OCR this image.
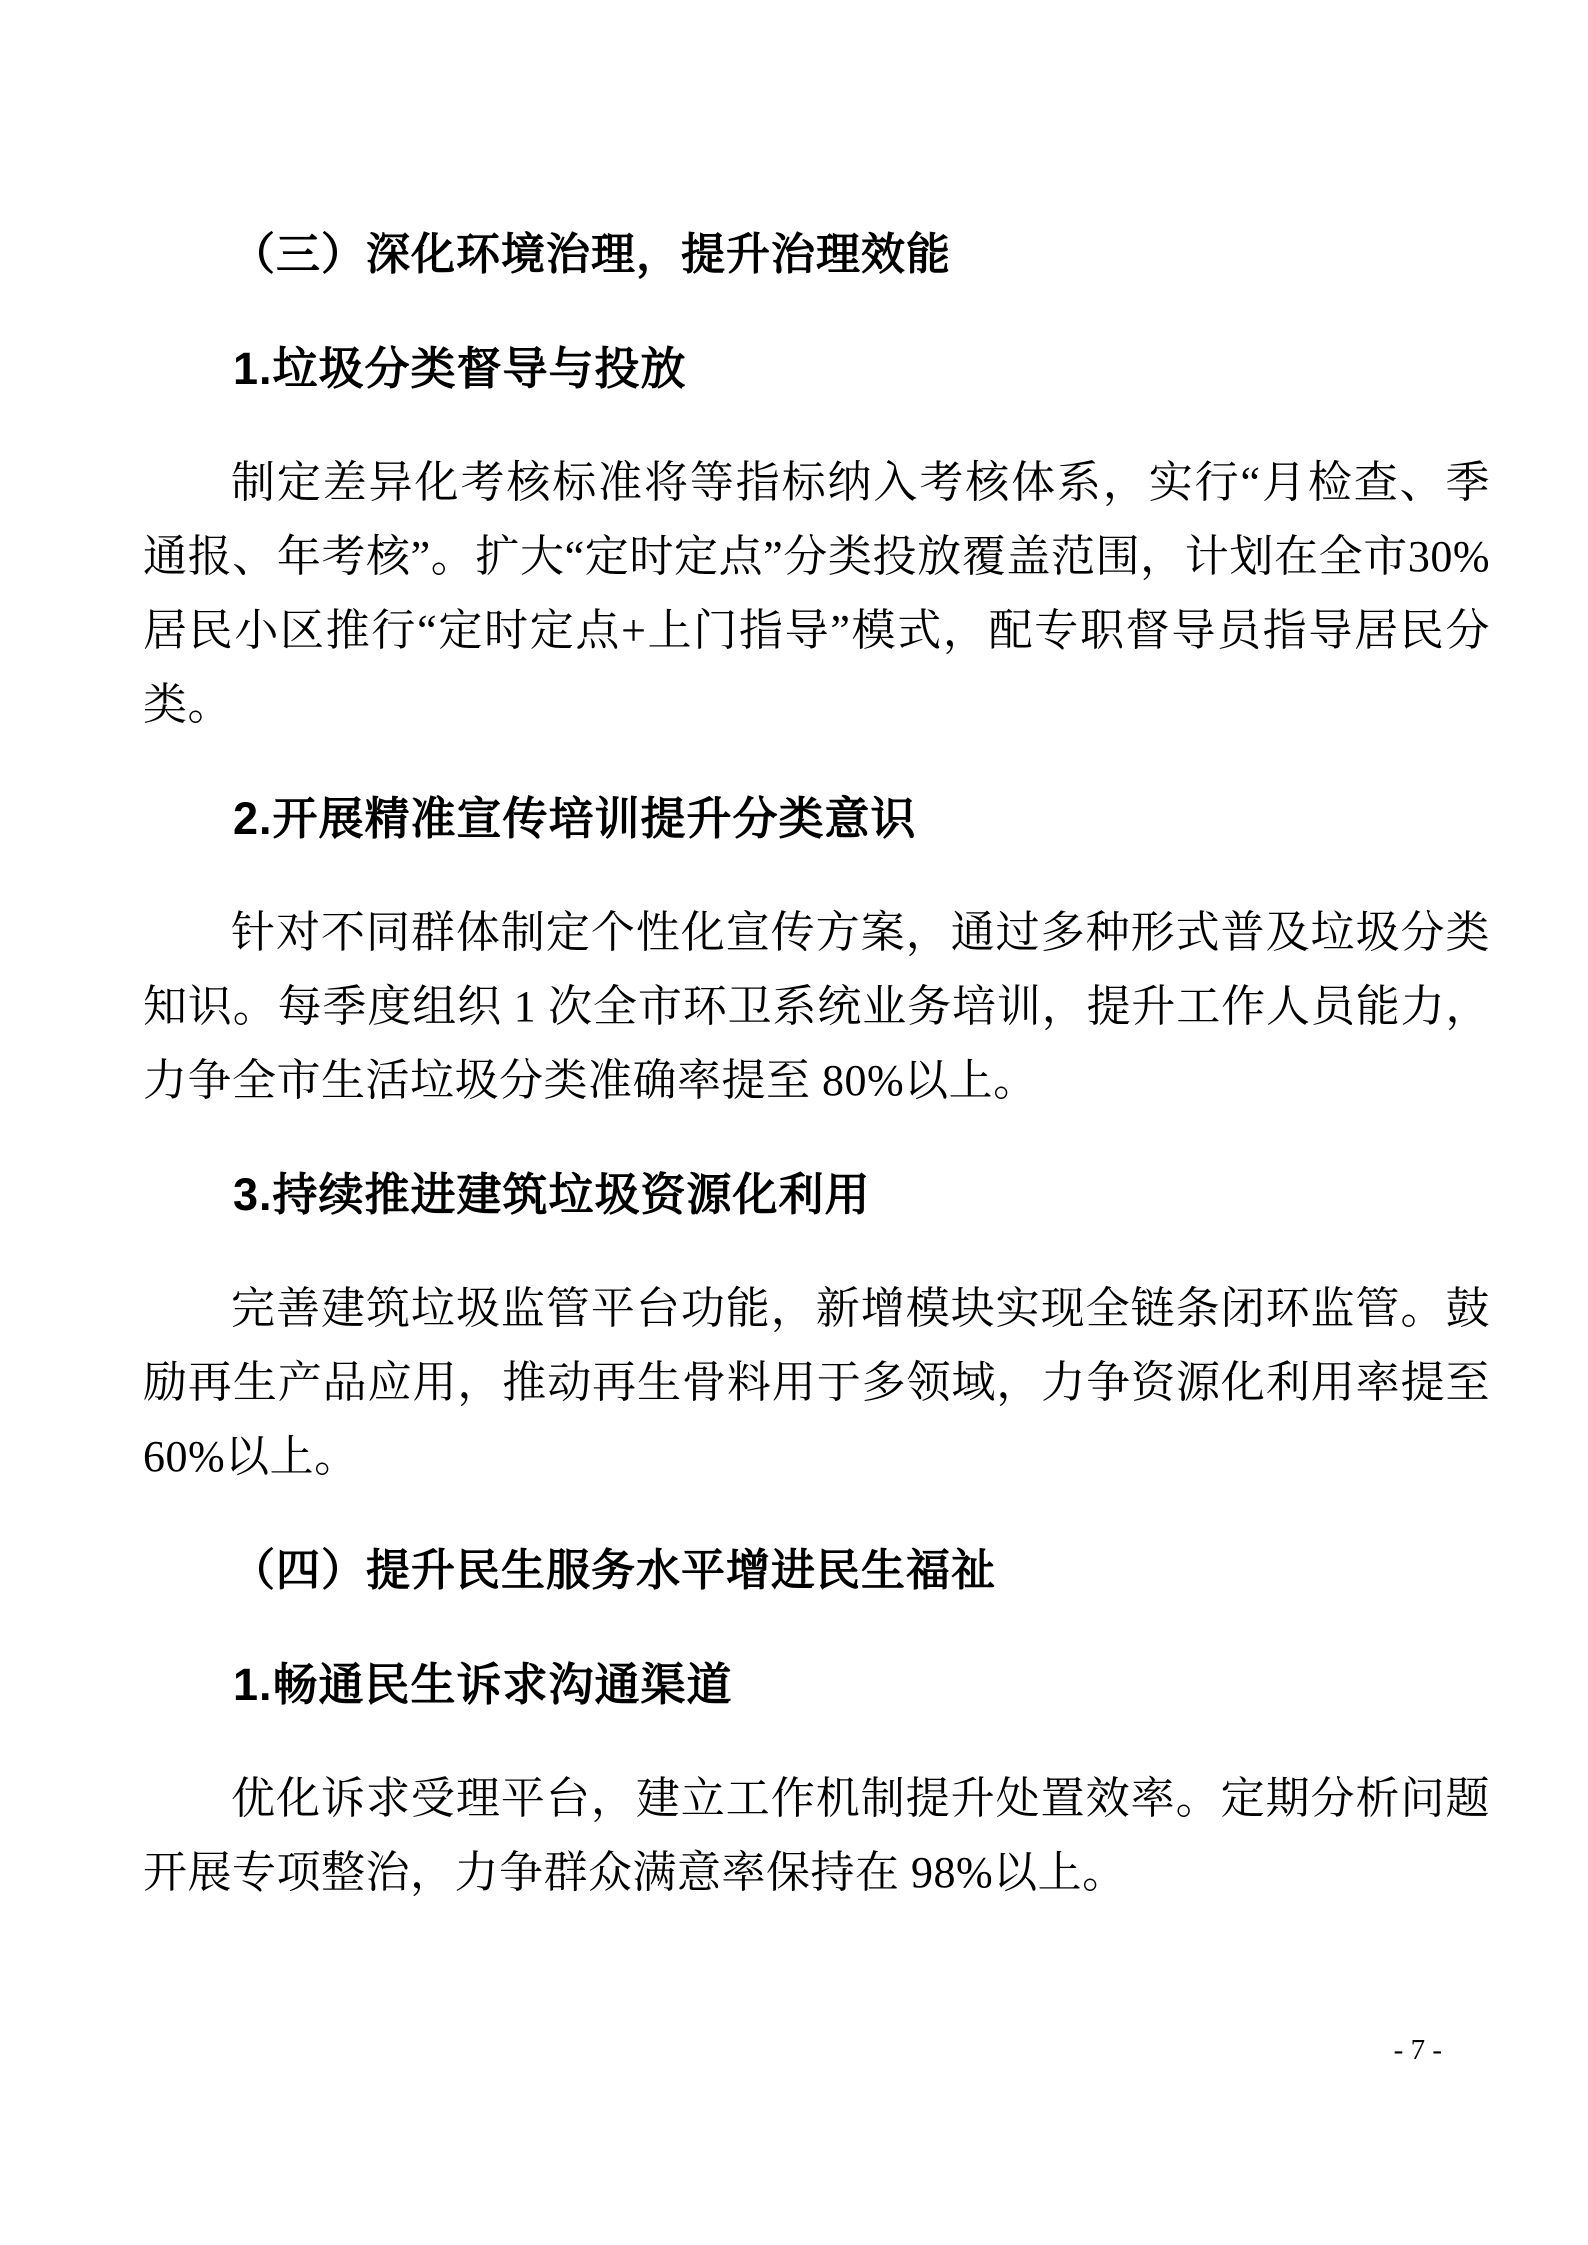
（三）深化环境治理，提升治理效能
1.垃圾分类督导与投放

制定差异化考核标准将等指标纳入考核体系，实行“月检查、季通报、年考核”。扩大“定时定点”分类投放覆盖范围，计划在全市30%居民小区推行“定时定点+上门指导”模式，配专职督导员指导居民分类。

2.开展精准宣传培训提升分类意识

针对不同群体制定个性化宣传方案，通过多种形式普及垃圾分类知识。每季度组织 1 次全市环卫系统业务培训，提升工作人员能力，力争全市生活垃圾分类准确率提至 80%以上。

3.持续推进建筑垃圾资源化利用

完善建筑垃圾监管平台功能，新增模块实现全链条闭环监管。鼓励再生产品应用，推动再生骨料用于多领域，力争资源化利用率提至 60%以上。

（四）提升民生服务水平增进民生福祉
1.畅通民生诉求沟通渠道

优化诉求受理平台，建立工作机制提升处置效率。定期分析问题开展专项整治，力争群众满意率保持在 98%以上。

- 7 -
